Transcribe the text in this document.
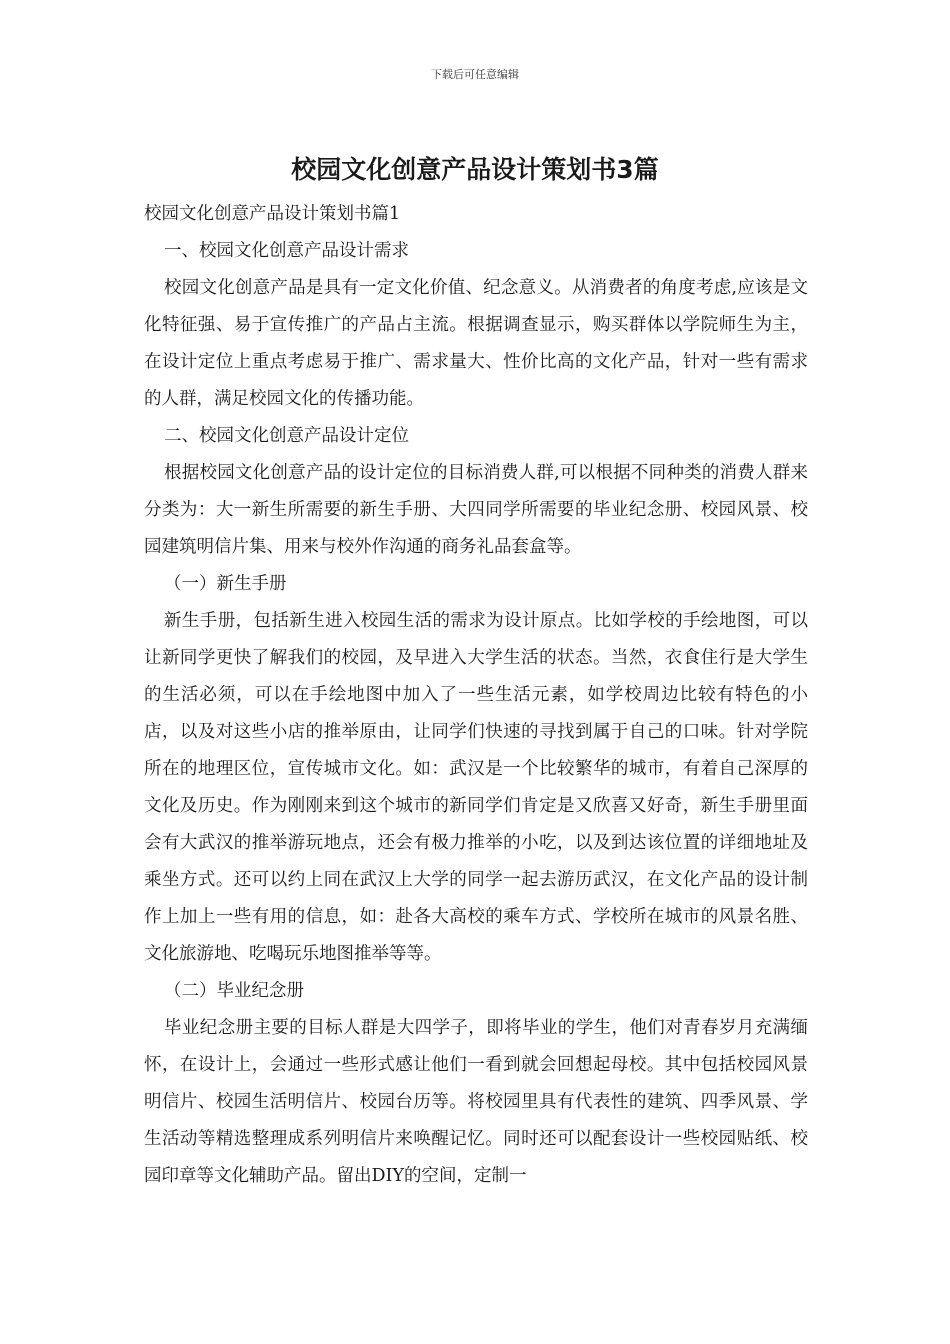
下载后可任意编辑
校园文化创意产品设计策划书3篇

校园文化创意产品设计策划书篇1

一、校园文化创意产品设计需求

校园文化创意产品是具有一定文化价值、纪念意义。从消费者的角度考虑,应该是文化特征强、易于宣传推广的产品占主流。根据调查显示，购买群体以学院师生为主，在设计定位上重点考虑易于推广、需求量大、性价比高的文化产品，针对一些有需求的人群，满足校园文化的传播功能。

二、校园文化创意产品设计定位

根据校园文化创意产品的设计定位的目标消费人群,可以根据不同种类的消费人群来分类为：大一新生所需要的新生手册、大四同学所需要的毕业纪念册、校园风景、校园建筑明信片集、用来与校外作沟通的商务礼品套盒等。

（一）新生手册

新生手册，包括新生进入校园生活的需求为设计原点。比如学校的手绘地图，可以让新同学更快了解我们的校园，及早进入大学生活的状态。当然，衣食住行是大学生的生活必须，可以在手绘地图中加入了一些生活元素，如学校周边比较有特色的小店，以及对这些小店的推举原由，让同学们快速的寻找到属于自己的口味。针对学院所在的地理区位，宣传城市文化。如：武汉是一个比较繁华的城市，有着自己深厚的文化及历史。作为刚刚来到这个城市的新同学们肯定是又欣喜又好奇，新生手册里面会有大武汉的推举游玩地点，还会有极力推举的小吃，以及到达该位置的详细地址及乘坐方式。还可以约上同在武汉上大学的同学一起去游历武汉，在文化产品的设计制作上加上一些有用的信息，如：赴各大高校的乘车方式、学校所在城市的风景名胜、文化旅游地、吃喝玩乐地图推举等等。

（二）毕业纪念册

毕业纪念册主要的目标人群是大四学子，即将毕业的学生，他们对青春岁月充满缅怀，在设计上，会通过一些形式感让他们一看到就会回想起母校。其中包括校园风景明信片、校园生活明信片、校园台历等。将校园里具有代表性的建筑、四季风景、学生活动等精选整理成系列明信片来唤醒记忆。同时还可以配套设计一些校园贴纸、校园印章等文化辅助产品。留出DIY的空间，定制一
